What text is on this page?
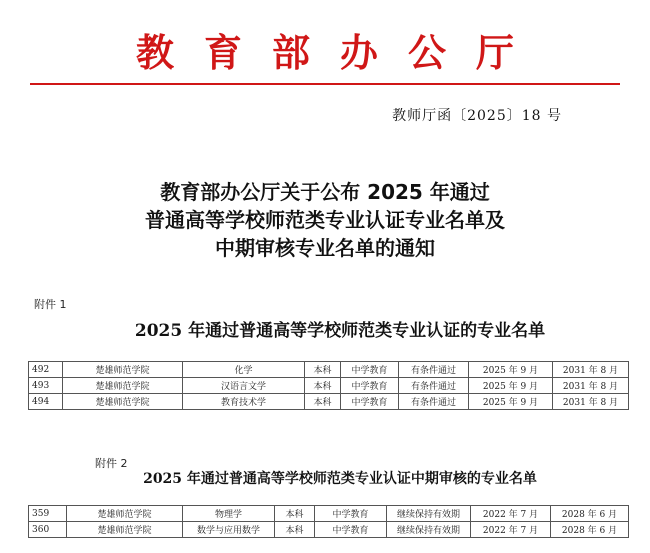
教育部办公厅
教师厅函〔2025〕18 号
教育部办公厅关于公布 2025 年通过
普通高等学校师范类专业认证专业名单及
中期审核专业名单的通知
附件 1
2025 年通过普通高等学校师范类专业认证的专业名单
492	楚雄师范学院	化学	本科	中学教育	有条件通过	2025 年 9 月	2031 年 8 月
493	楚雄师范学院	汉语言文学	本科	中学教育	有条件通过	2025 年 9 月	2031 年 8 月
494	楚雄师范学院	教育技术学	本科	中学教育	有条件通过	2025 年 9 月	2031 年 8 月
附件 2
2025 年通过普通高等学校师范类专业认证中期审核的专业名单
359	楚雄师范学院	物理学	本科	中学教育	继续保持有效期	2022 年 7 月	2028 年 6 月
360	楚雄师范学院	数学与应用数学	本科	中学教育	继续保持有效期	2022 年 7 月	2028 年 6 月
